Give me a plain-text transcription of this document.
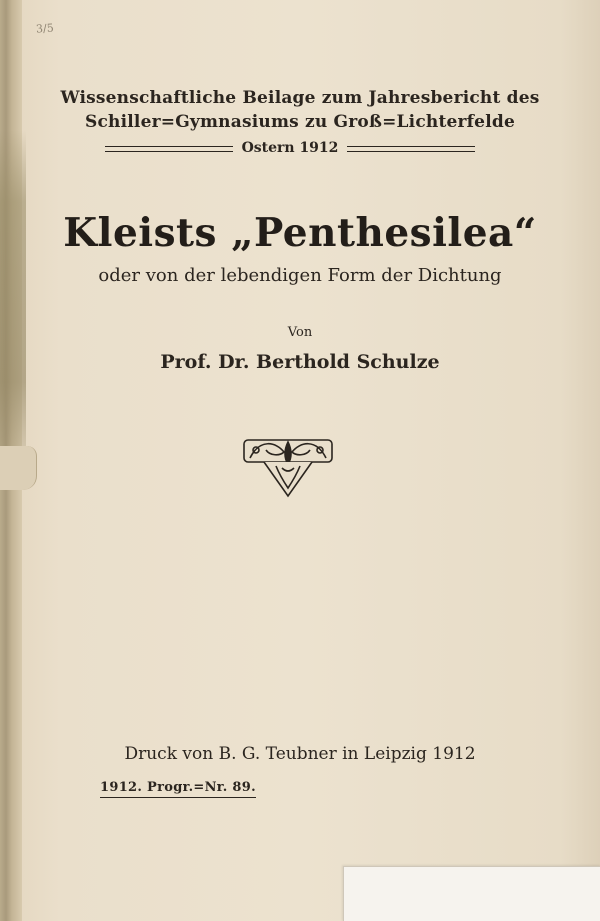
3/5
Wissenschaftliche Beilage zum Jahresbericht des
Schiller=Gymnasiums zu Groß=Lichterfelde
Ostern 1912
Kleists „Penthesilea“
oder von der lebendigen Form der Dichtung
Von
Prof. Dr. Berthold Schulze
Druck von B. G. Teubner in Leipzig 1912
1912. Progr.=Nr. 89.
